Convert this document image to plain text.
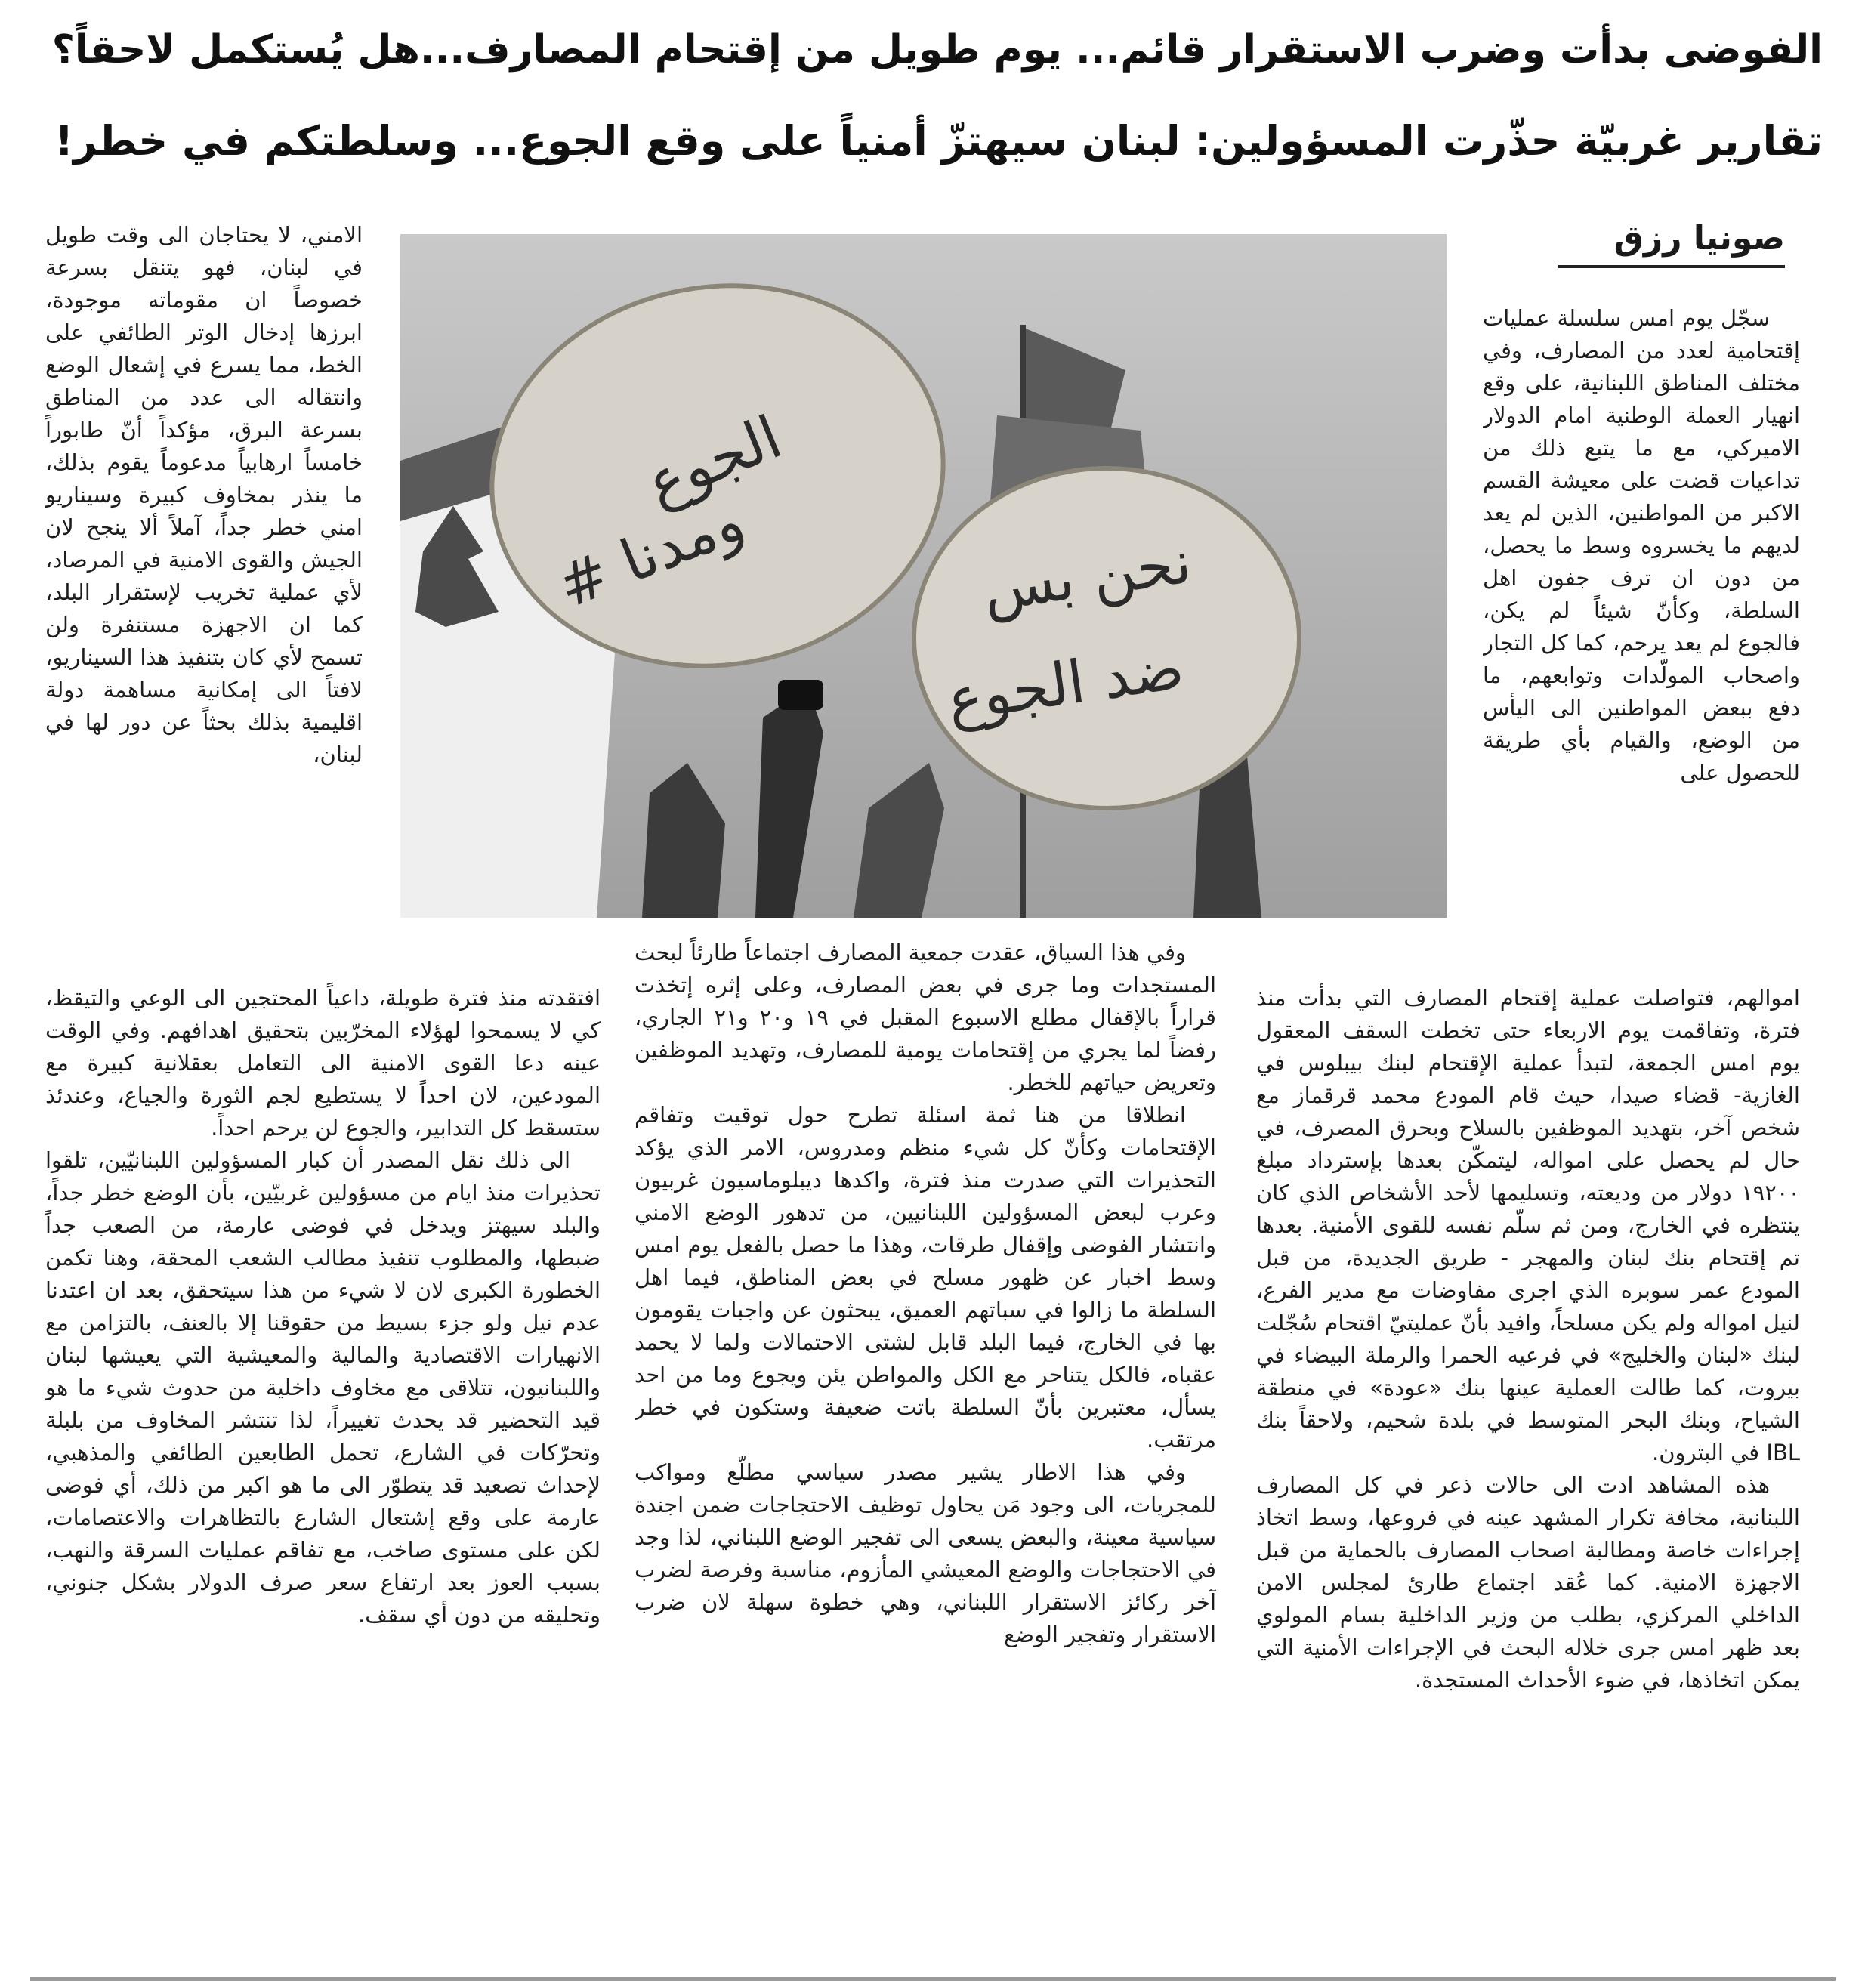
الفوضى بدأت وضرب الاستقرار قائم... يوم طويل من إقتحام المصارف...هل يُستكمل لاحقاً؟
تقارير غربيّة حذّرت المسؤولين: لبنان سيهتزّ أمنياً على وقع الجوع... وسلطتكم في خطر!
صونيا رزق
الجوع
ومدنا #	نحن بس
ضد الجوع

سجّل يوم امس سلسلة عمليات إقتحامية لعدد من المصارف، وفي مختلف المناطق اللبنانية، على وقع انهيار العملة الوطنية امام الدولار الاميركي، مع ما يتبع ذلك من تداعيات قضت على معيشة القسم الاكبر من المواطنين، الذين لم يعد لديهم ما يخسروه وسط ما يحصل، من دون ان ترف جفون اهل السلطة، وكأنّ شيئاً لم يكن، فالجوع لم يعد يرحم، كما كل التجار واصحاب المولّدات وتوابعهم، ما دفع ببعض المواطنين الى اليأس من الوضع، والقيام بأي طريقة للحصول على

الامني، لا يحتاجان الى وقت طويل في لبنان، فهو يتنقل بسرعة خصوصاً ان مقوماته موجودة، ابرزها إدخال الوتر الطائفي على الخط، مما يسرع في إشعال الوضع وانتقاله الى عدد من المناطق بسرعة البرق، مؤكداً أنّ طابوراً خامساً ارهابياً مدعوماً يقوم بذلك، ما ينذر بمخاوف كبيرة وسيناريو امني خطر جداً، آملاً ألا ينجح لان الجيش والقوى الامنية في المرصاد، لأي عملية تخريب لإستقرار البلد، كما ان الاجهزة مستنفرة ولن تسمح لأي كان بتنفيذ هذا السيناريو، لافتاً الى إمكانية مساهمة دولة اقليمية بذلك بحثاً عن دور لها في لبنان،

اموالهم، فتواصلت عملية إقتحام المصارف التي بدأت منذ فترة، وتفاقمت يوم الاربعاء حتى تخطت السقف المعقول يوم امس الجمعة، لتبدأ عملية الإقتحام لبنك بيبلوس في الغازية- قضاء صيدا، حيث قام المودع محمد قرقماز مع شخص آخر، بتهديد الموظفين بالسلاح وبحرق المصرف، في حال لم يحصل على امواله، ليتمكّن بعدها بإسترداد مبلغ ١٩٢٠٠ دولار من وديعته، وتسليمها لأحد الأشخاص الذي كان ينتظره في الخارج، ومن ثم سلّم نفسه للقوى الأمنية. بعدها تم إقتحام بنك لبنان والمهجر - طريق الجديدة، من قبل المودع عمر سوبره الذي اجرى مفاوضات مع مدير الفرع، لنيل امواله ولم يكن مسلحاً، وافيد بأنّ عمليتيّ اقتحام سُجّلت لبنك «لبنان والخليج» في فرعيه الحمرا والرملة البيضاء في بيروت، كما طالت العملية عينها بنك «عودة» في منطقة الشياح، وبنك البحر المتوسط في بلدة شحيم، ولاحقاً بنك IBL في البترون.

هذه المشاهد ادت الى حالات ذعر في كل المصارف اللبنانية، مخافة تكرار المشهد عينه في فروعها، وسط اتخاذ إجراءات خاصة ومطالبة اصحاب المصارف بالحماية من قبل الاجهزة الامنية. كما عُقد اجتماع طارئ لمجلس الامن الداخلي المركزي، بطلب من وزير الداخلية بسام المولوي بعد ظهر امس جرى خلاله البحث في الإجراءات الأمنية التي يمكن اتخاذها، في ضوء الأحداث المستجدة.

وفي هذا السياق، عقدت جمعية المصارف اجتماعاً طارئاً لبحث المستجدات وما جرى في بعض المصارف، وعلى إثره إتخذت قراراً بالإقفال مطلع الاسبوع المقبل في ١٩ و٢٠ و٢١ الجاري، رفضاً لما يجري من إقتحامات يومية للمصارف، وتهديد الموظفين وتعريض حياتهم للخطر.

انطلاقا من هنا ثمة اسئلة تطرح حول توقيت وتفاقم الإقتحامات وكأنّ كل شيء منظم ومدروس، الامر الذي يؤكد التحذيرات التي صدرت منذ فترة، واكدها ديبلوماسيون غربيون وعرب لبعض المسؤولين اللبنانيين، من تدهور الوضع الامني وانتشار الفوضى وإقفال طرقات، وهذا ما حصل بالفعل يوم امس وسط اخبار عن ظهور مسلح في بعض المناطق، فيما اهل السلطة ما زالوا في سباتهم العميق، يبحثون عن واجبات يقومون بها في الخارج، فيما البلد قابل لشتى الاحتمالات ولما لا يحمد عقباه، فالكل يتناحر مع الكل والمواطن يئن ويجوع وما من احد يسأل، معتبرين بأنّ السلطة باتت ضعيفة وستكون في خطر مرتقب.

وفي هذا الاطار يشير مصدر سياسي مطلّع ومواكب للمجريات، الى وجود مَن يحاول توظيف الاحتجاجات ضمن اجندة سياسية معينة، والبعض يسعى الى تفجير الوضع اللبناني، لذا وجد في الاحتجاجات والوضع المعيشي المأزوم، مناسبة وفرصة لضرب آخر ركائز الاستقرار اللبناني، وهي خطوة سهلة لان ضرب الاستقرار وتفجير الوضع

افتقدته منذ فترة طويلة، داعياً المحتجين الى الوعي والتيقظ، كي لا يسمحوا لهؤلاء المخرّبين بتحقيق اهدافهم. وفي الوقت عينه دعا القوى الامنية الى التعامل بعقلانية كبيرة مع المودعين، لان احداً لا يستطيع لجم الثورة والجياع، وعندئذ ستسقط كل التدابير، والجوع لن يرحم احداً.

الى ذلك نقل المصدر أن كبار المسؤولين اللبنانيّين، تلقوا تحذيرات منذ ايام من مسؤولين غربيّين، بأن الوضع خطر جداً، والبلد سيهتز ويدخل في فوضى عارمة، من الصعب جداً ضبطها، والمطلوب تنفيذ مطالب الشعب المحقة، وهنا تكمن الخطورة الكبرى لان لا شيء من هذا سيتحقق، بعد ان اعتدنا عدم نيل ولو جزء بسيط من حقوقنا إلا بالعنف، بالتزامن مع الانهيارات الاقتصادية والمالية والمعيشية التي يعيشها لبنان واللبنانيون، تتلاقى مع مخاوف داخلية من حدوث شيء ما هو قيد التحضير قد يحدث تغييراً، لذا تنتشر المخاوف من بلبلة وتحرّكات في الشارع، تحمل الطابعين الطائفي والمذهبي، لإحداث تصعيد قد يتطوّر الى ما هو اكبر من ذلك، أي فوضى عارمة على وقع إشتعال الشارع بالتظاهرات والاعتصامات، لكن على مستوى صاخب، مع تفاقم عمليات السرقة والنهب، بسبب العوز بعد ارتفاع سعر صرف الدولار بشكل جنوني، وتحليقه من دون أي سقف.
